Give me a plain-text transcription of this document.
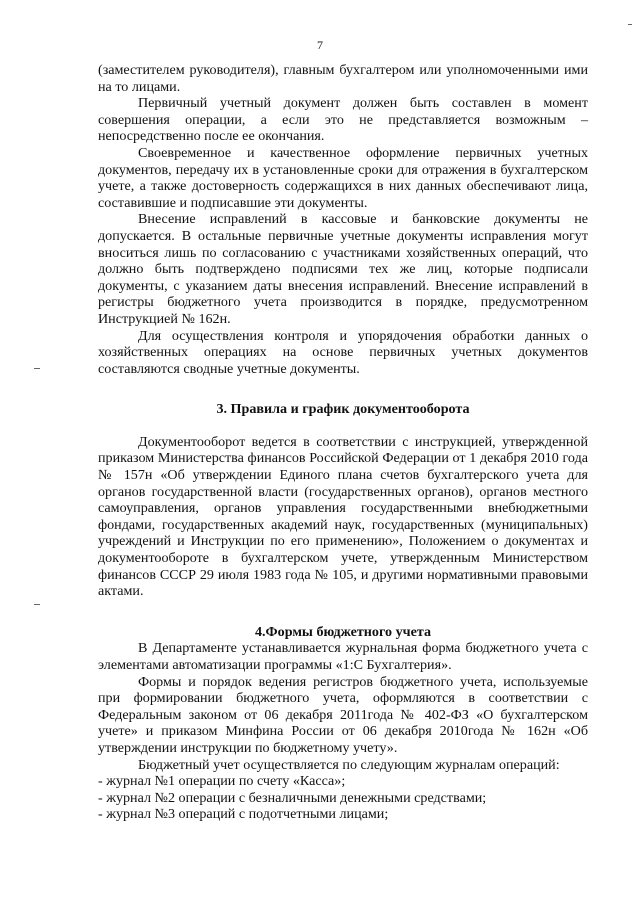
7

(заместителем руководителя), главным бухгалтером или уполномоченными ими на то лицами.

Первичный учетный документ должен быть составлен в момент совершения операции, а если это не представляется возможным – непосредственно после ее окончания.

Своевременное и качественное оформление первичных учетных документов, передачу их в установленные сроки для отражения в бухгалтерском учете, а также достоверность содержащихся в них данных обеспечивают лица, составившие и подписавшие эти документы.

Внесение исправлений в кассовые и банковские документы не допускается. В остальные первичные учетные документы исправления могут вноситься лишь по согласованию с участниками хозяйственных операций, что должно быть подтверждено подписями тех же лиц, которые подписали документы, с указанием даты внесения исправлений. Внесение исправлений в регистры бюджетного учета производится в порядке, предусмотренном Инструкцией № 162н.

Для осуществления контроля и упорядочения обработки данных о хозяйственных операциях на основе первичных учетных документов составляются сводные учетные документы.

3. Правила и график документооборота

Документооборот ведется в соответствии с инструкцией, утвержденной приказом Министерства финансов Российской Федерации от 1 декабря 2010 года № 157н «Об утверждении Единого плана счетов бухгалтерского учета для органов государственной власти (государственных органов), органов местного самоуправления, органов управления государственными внебюджетными фондами, государственных академий наук, государственных (муниципальных) учреждений и Инструкции по его применению», Положением о документах и документообороте в бухгалтерском учете, утвержденным Министерством финансов СССР 29 июля 1983 года № 105, и другими нормативными правовыми актами.

4.Формы бюджетного учета

В Департаменте устанавливается журнальная форма бюджетного учета с элементами автоматизации программы «1:С Бухгалтерия».

Формы и порядок ведения регистров бюджетного учета, используемые при формировании бюджетного учета, оформляются в соответствии с Федеральным законом от 06 декабря 2011года № 402-ФЗ «О бухгалтерском учете» и приказом Минфина России от 06 декабря 2010года № 162н «Об утверждении инструкции по бюджетному учету».

Бюджетный учет осуществляется по следующим журналам операций:

- журнал №1 операции по счету «Касса»;
- журнал №2 операции с безналичными денежными средствами;
- журнал №3 операций с подотчетными лицами;
